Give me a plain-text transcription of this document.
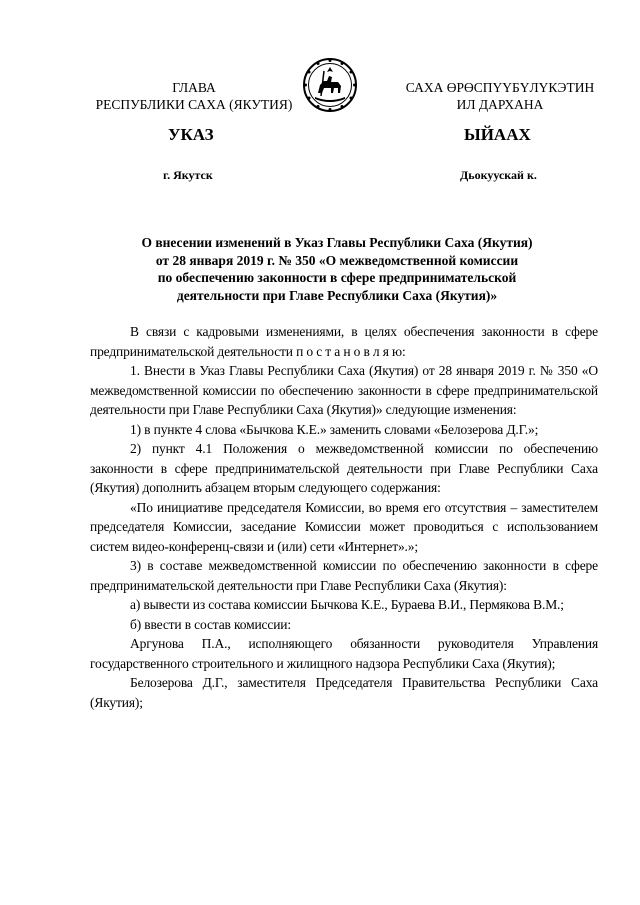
ГЛАВА
РЕСПУБЛИКИ САХА (ЯКУТИЯ)
САХА ӨРӨСПҮҮБҮЛҮКЭТИН
ИЛ ДАРХАНА
УКАЗ	ЫЙААХ
г. Якутск	Дьокуускай к.
О внесении изменений в Указ Главы Республики Саха (Якутия)
от 28 января 2019 г. № 350 «О межведомственной комиссии
по обеспечению законности в сфере предпринимательской
деятельности при Главе Республики Саха (Якутия)»

В связи с кадровыми изменениями, в целях обеспечения законности в сфере предпринимательской деятельности п о с т а н о в л я ю:

1. Внести в Указ Главы Республики Саха (Якутия) от 28 января 2019 г. № 350 «О межведомственной комиссии по обеспечению законности в сфере предпринимательской деятельности при Главе Республики Саха (Якутия)» следующие изменения:

1) в пункте 4 слова «Бычкова К.Е.» заменить словами «Белозерова Д.Г.»;

2) пункт 4.1 Положения о межведомственной комиссии по обеспечению законности в сфере предпринимательской деятельности при Главе Республики Саха (Якутия) дополнить абзацем вторым следующего содержания:

«По инициативе председателя Комиссии, во время его отсутствия – заместителем председателя Комиссии, заседание Комиссии может проводиться с использованием систем видео-конференц-связи и (или) сети «Интернет».»;

3) в составе межведомственной комиссии по обеспечению законности в сфере предпринимательской деятельности при Главе Республики Саха (Якутия):

а) вывести из состава комиссии Бычкова К.Е., Бураева В.И., Пермякова В.М.;

б) ввести в состав комиссии:

Аргунова П.А., исполняющего обязанности руководителя Управления государственного строительного и жилищного надзора Республики Саха (Якутия);

Белозерова Д.Г., заместителя Председателя Правительства Республики Саха (Якутия);
